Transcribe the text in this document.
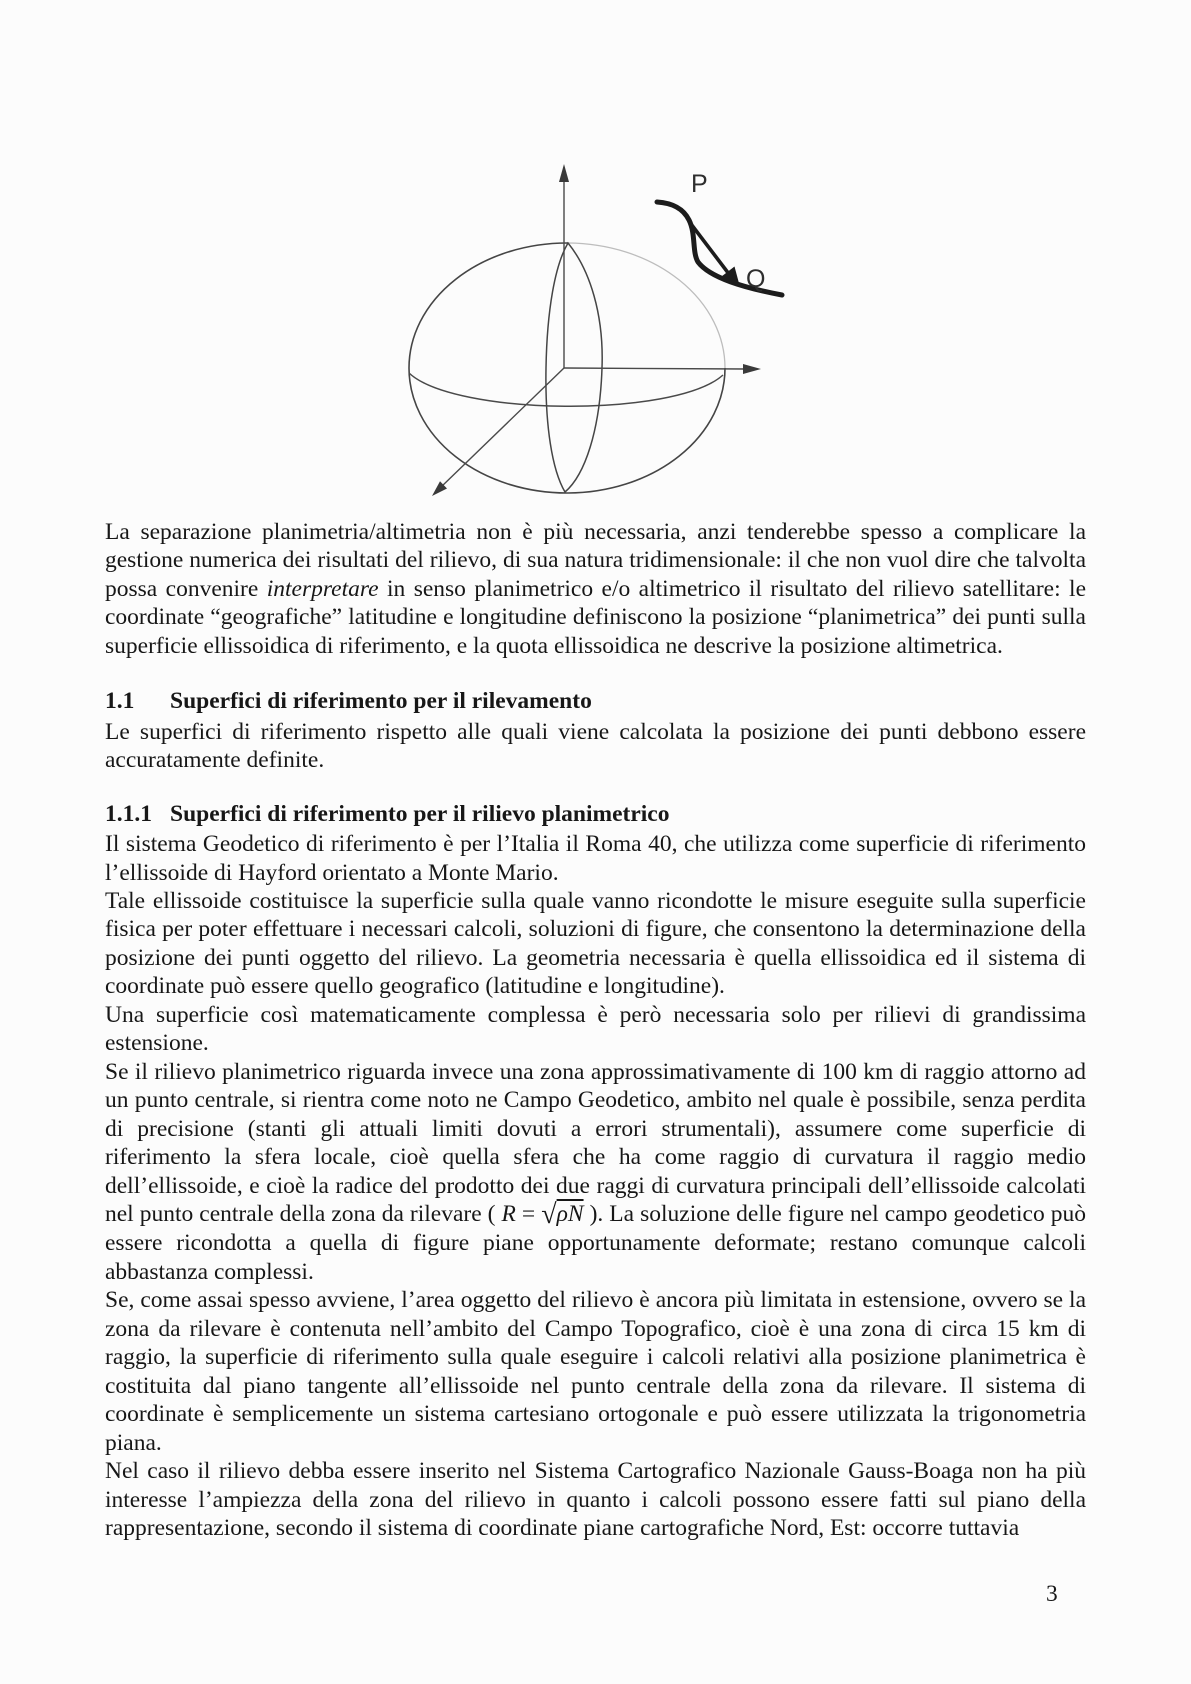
P
Q

La separazione planimetria/altimetria non è più necessaria, anzi tenderebbe spesso a complicare la gestione numerica dei risultati del rilievo, di sua natura tridimensionale: il che non vuol dire che talvolta possa convenire interpretare in senso planimetrico e/o altimetrico il risultato del rilievo satellitare: le coordinate “geografiche” latitudine e longitudine definiscono la posizione “planimetrica” dei punti sulla superficie ellissoidica di riferimento, e la quota ellissoidica ne descrive la posizione altimetrica.

1.1 Superfici di riferimento per il rilevamento

Le superfici di riferimento rispetto alle quali viene calcolata la posizione dei punti debbono essere accuratamente definite.

1.1.1 Superfici di riferimento per il rilievo planimetrico

Il sistema Geodetico di riferimento è per l’Italia il Roma 40, che utilizza come superficie di riferimento l’ellissoide di Hayford orientato a Monte Mario.

Tale ellissoide costituisce la superficie sulla quale vanno ricondotte le misure eseguite sulla superficie fisica per poter effettuare i necessari calcoli, soluzioni di figure, che consentono la determinazione della posizione dei punti oggetto del rilievo. La geometria necessaria è quella ellissoidica ed il sistema di coordinate può essere quello geografico (latitudine e longitudine).

Una superficie così matematicamente complessa è però necessaria solo per rilievi di grandissima estensione.

Se il rilievo planimetrico riguarda invece una zona approssimativamente di 100 km di raggio attorno ad un punto centrale, si rientra come noto ne Campo Geodetico, ambito nel quale è possibile, senza perdita di precisione (stanti gli attuali limiti dovuti a errori strumentali), assumere come superficie di riferimento la sfera locale, cioè quella sfera che ha come raggio di curvatura il raggio medio dell’ellissoide, e cioè la radice del prodotto dei due raggi di curvatura principali dell’ellissoide calcolati nel punto centrale della zona da rilevare ( R = √ρN ). La soluzione delle figure nel campo geodetico può essere ricondotta a quella di figure piane opportunamente deformate; restano comunque calcoli abbastanza complessi.

Se, come assai spesso avviene, l’area oggetto del rilievo è ancora più limitata in estensione, ovvero se la zona da rilevare è contenuta nell’ambito del Campo Topografico, cioè è una zona di circa 15 km di raggio, la superficie di riferimento sulla quale eseguire i calcoli relativi alla posizione planimetrica è costituita dal piano tangente all’ellissoide nel punto centrale della zona da rilevare. Il sistema di coordinate è semplicemente un sistema cartesiano ortogonale e può essere utilizzata la trigonometria piana.

Nel caso il rilievo debba essere inserito nel Sistema Cartografico Nazionale Gauss-Boaga non ha più interesse l’ampiezza della zona del rilievo in quanto i calcoli possono essere fatti sul piano della rappresentazione, secondo il sistema di coordinate piane cartografiche Nord, Est: occorre tuttavia

3
